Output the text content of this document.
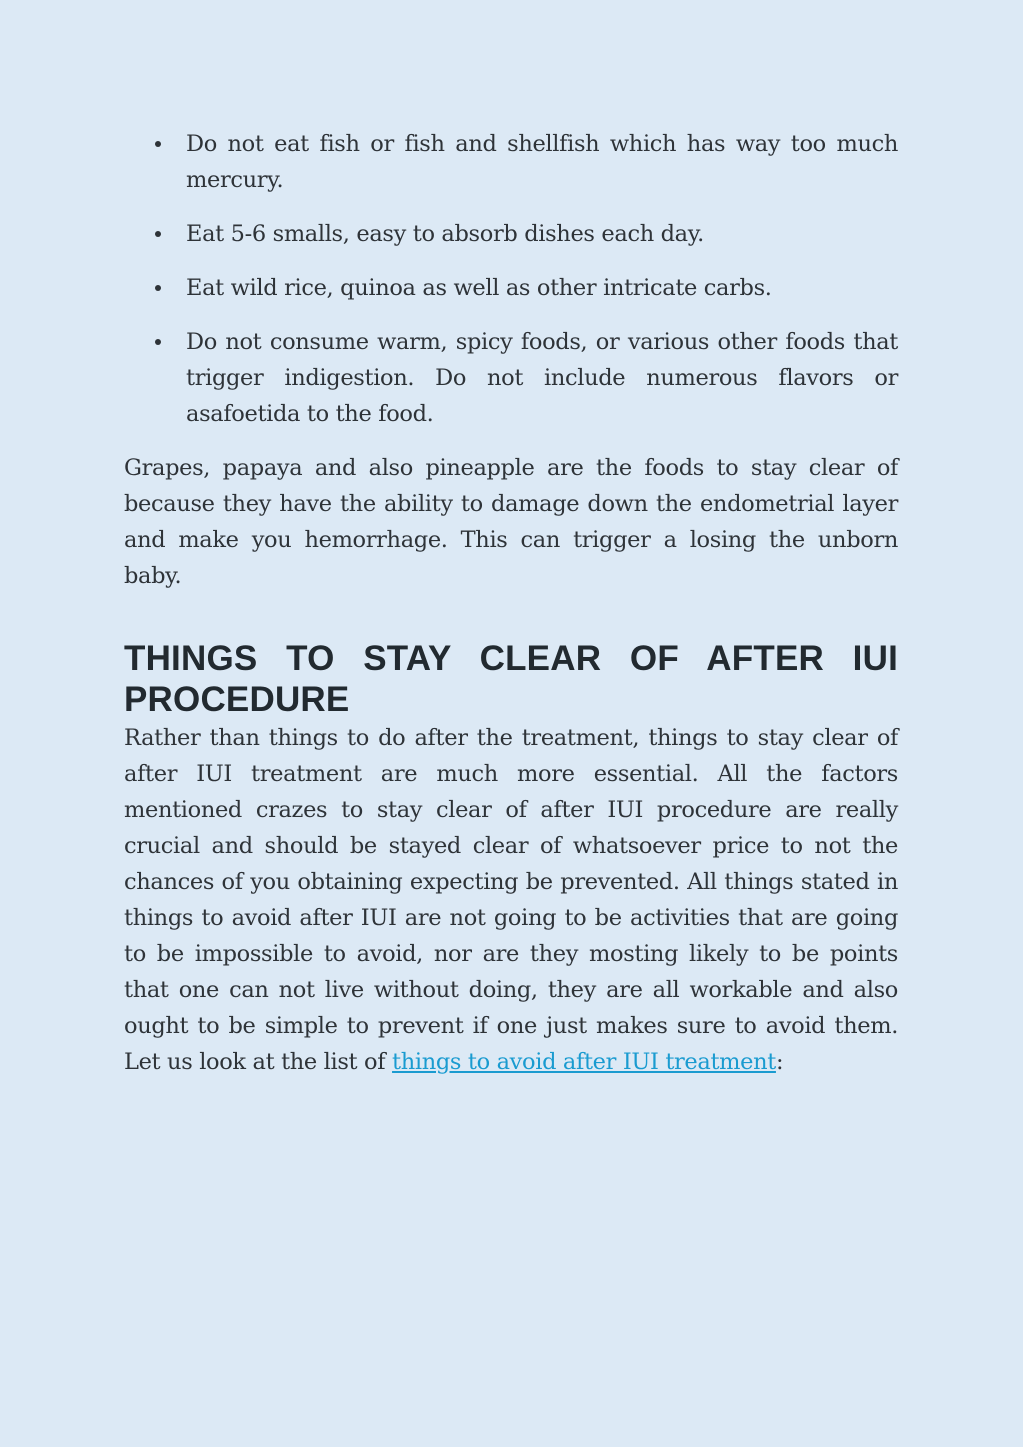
Do not eat fish or fish and shellfish which has way too much mercury.
Eat 5-6 smalls, easy to absorb dishes each day.
Eat wild rice, quinoa as well as other intricate carbs.
Do not consume warm, spicy foods, or various other foods that trigger indigestion. Do not include numerous flavors or asafoetida to the food.

Grapes, papaya and also pineapple are the foods to stay clear of because they have the ability to damage down the endometrial layer and make you hemorrhage. This can trigger a losing the unborn baby.

THINGS TO STAY CLEAR OF AFTER IUI PROCEDURE

Rather than things to do after the treatment, things to stay clear of after IUI treatment are much more essential. All the factors mentioned crazes to stay clear of after IUI procedure are really crucial and should be stayed clear of whatsoever price to not the chances of you obtaining expecting be prevented. All things stated in things to avoid after IUI are not going to be activities that are going to be impossible to avoid, nor are they mosting likely to be points that one can not live without doing, they are all workable and also ought to be simple to prevent if one just makes sure to avoid them. Let us look at the list of things to avoid after IUI treatment:
